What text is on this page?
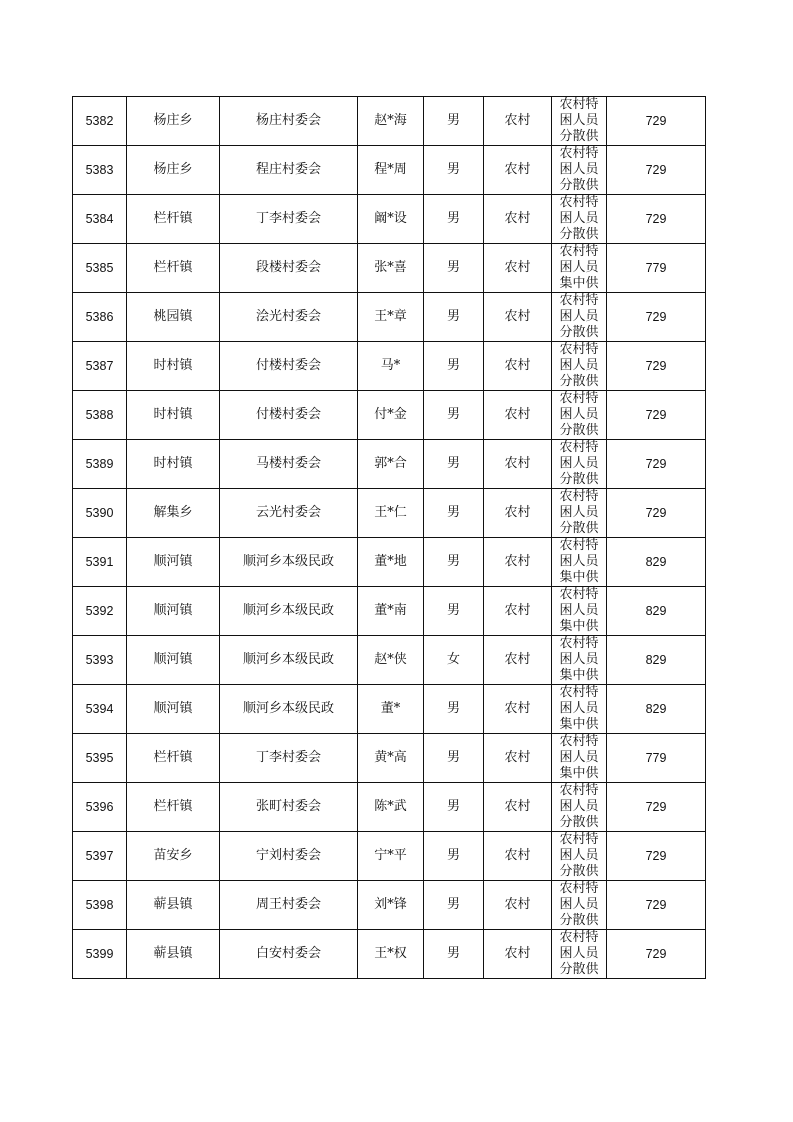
5382	杨庄乡	杨庄村委会	赵*海	男	农村	农村特
困人员
分散供	729
5383	杨庄乡	程庄村委会	程*周	男	农村	农村特
困人员
分散供	729
5384	栏杆镇	丁李村委会	阚*设	男	农村	农村特
困人员
分散供	729
5385	栏杆镇	段楼村委会	张*喜	男	农村	农村特
困人员
集中供	779
5386	桃园镇	浍光村委会	王*章	男	农村	农村特
困人员
分散供	729
5387	时村镇	付楼村委会	马*	男	农村	农村特
困人员
分散供	729
5388	时村镇	付楼村委会	付*金	男	农村	农村特
困人员
分散供	729
5389	时村镇	马楼村委会	郭*合	男	农村	农村特
困人员
分散供	729
5390	解集乡	云光村委会	王*仁	男	农村	农村特
困人员
分散供	729
5391	顺河镇	顺河乡本级民政	董*地	男	农村	农村特
困人员
集中供	829
5392	顺河镇	顺河乡本级民政	董*南	男	农村	农村特
困人员
集中供	829
5393	顺河镇	顺河乡本级民政	赵*侠	女	农村	农村特
困人员
集中供	829
5394	顺河镇	顺河乡本级民政	董*	男	农村	农村特
困人员
集中供	829
5395	栏杆镇	丁李村委会	黄*高	男	农村	农村特
困人员
集中供	779
5396	栏杆镇	张町村委会	陈*武	男	农村	农村特
困人员
分散供	729
5397	苗安乡	宁刘村委会	宁*平	男	农村	农村特
困人员
分散供	729
5398	蕲县镇	周王村委会	刘*锋	男	农村	农村特
困人员
分散供	729
5399	蕲县镇	白安村委会	王*权	男	农村	农村特
困人员
分散供	729
